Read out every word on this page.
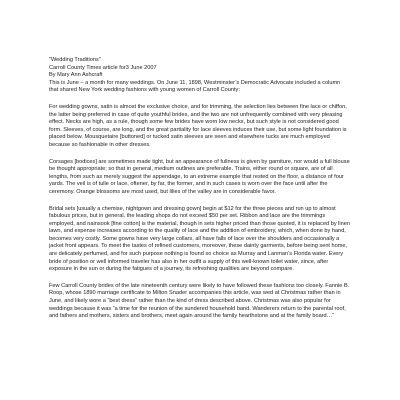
"Wedding Traditions"
Carroll County Times article for3 June 2007
By Mary Ann Ashcraft

This is June – a month for many weddings. On June 11, 1898, Westminster’s Democratic Advocate included a column that shared New York wedding fashions with young women of Carroll County:

For wedding gowns, satin is almost the exclusive choice, and for trimming, the selection lies between fine lace or chiffon, the latter being preferred in case of quite youthful brides, and the two are not unfrequently combined with very pleasing effect. Necks are high, as a rule, though some few brides have worn low necks, but such style is not considered good form. Sleeves, of course, are long, and the great partiality for lace sleeves induces their use, but some light foundation is placed below. Mousquetaire [buttoned] or tucked satin sleeves are seen and elsewhere tucks are much employed because so fashionable in other dresses.

Corsages [bodices] are sometimes made tight, but an appearance of fullness is given by garniture, nor would a full blouse be thought appropriate; so that in general, medium outlines are preferable. Trains, either round or square, are of all lengths, from such as merely suggest the appendage, to an extreme example that rested on the floor, a distance of four yards. The veil is of tulle or lace, oftener, by far, the former, and in such cases is worn over the face until after the ceremony. Orange blossoms are most used, but lilies of the valley are in considerable favor.

Bridal sets [usually a chemise, nightgown and dressing gown] begin at $12 for the three pieces and run up to almost fabulous prices, but in general, the leading shops do not exceed $50 per set. Ribbon and lace are the trimmings employed, and nainsook [fine cotton] is the material, though in sets higher priced than those quoted, it is replaced by linen lawn, and expense increases according to the quality of lace and the addition of embroidery, which, when done by hand, becomes very costly. Some gowns have very large collars, all have falls of lace over the shoulders and occasionally a jacket front appears. To meet the tastes of refined customers, moreover, these dainty garments, before being sent home, are delicately perfumed, and for such purpose nothing is found so choice as Murray and Lanman’s Florida water. Every bride of position or well informed traveler has also in her outfit a supply of this well-known toilet water, since, after exposure in the sun or during the fatigues of a journey, its refreshing qualities are beyond compare.

Few Carroll County brides of the late nineteenth century were likely to have followed these fashions too closely. Fannie B. Roop, whose 1890 marriage certificate to Milton Snader accompanies this article, was wed at Christmas rather than in June, and likely wore a “best dress” rather than the kind of dress described above. Christmas was also popular for weddings because it was “a time for the reunion of the sundered household band. Wanderers return to the parental roof, and fathers and mothers, sisters and brothers, meet again around the family hearthstone and at the family board…”
